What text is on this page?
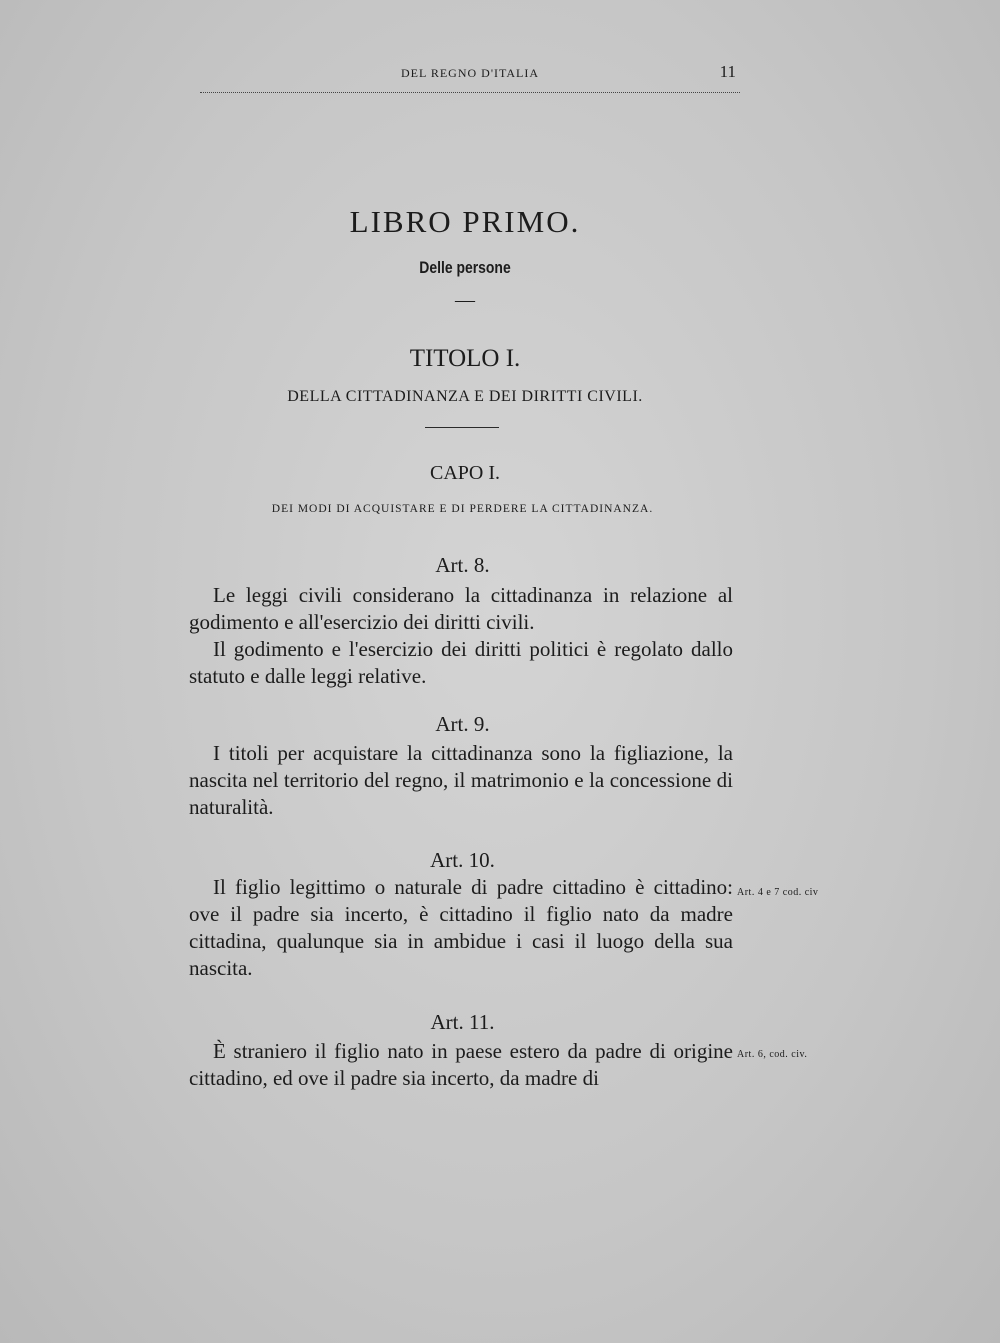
DEL REGNO D'ITALIA	11
LIBRO PRIMO.
Delle persone
—
TITOLO I.
DELLA CITTADINANZA E DEI DIRITTI CIVILI.
CAPO I.
DEI MODI DI ACQUISTARE E DI PERDERE LA CITTADINANZA.
Art. 8.
Le leggi civili considerano la cittadinanza in relazione al godimento e all'esercizio dei diritti civili.
Il godimento e l'esercizio dei diritti politici è regolato dallo statuto e dalle leggi relative.
Art. 9.
I titoli per acquistare la cittadinanza sono la figliazione, la nascita nel territorio del regno, il matrimonio e la concessione di naturalità.
Art. 10.
Il figlio legittimo o naturale di padre cittadino è cittadino: ove il padre sia incerto, è cittadino il figlio nato da madre cittadina, qualunque sia in ambidue i casi il luogo della sua nascita.
Art. 4 e 7 cod. civ
Art. 11.
È straniero il figlio nato in paese estero da padre di origine cittadino, ed ove il padre sia incerto, da madre di
Art. 6, cod. civ.
